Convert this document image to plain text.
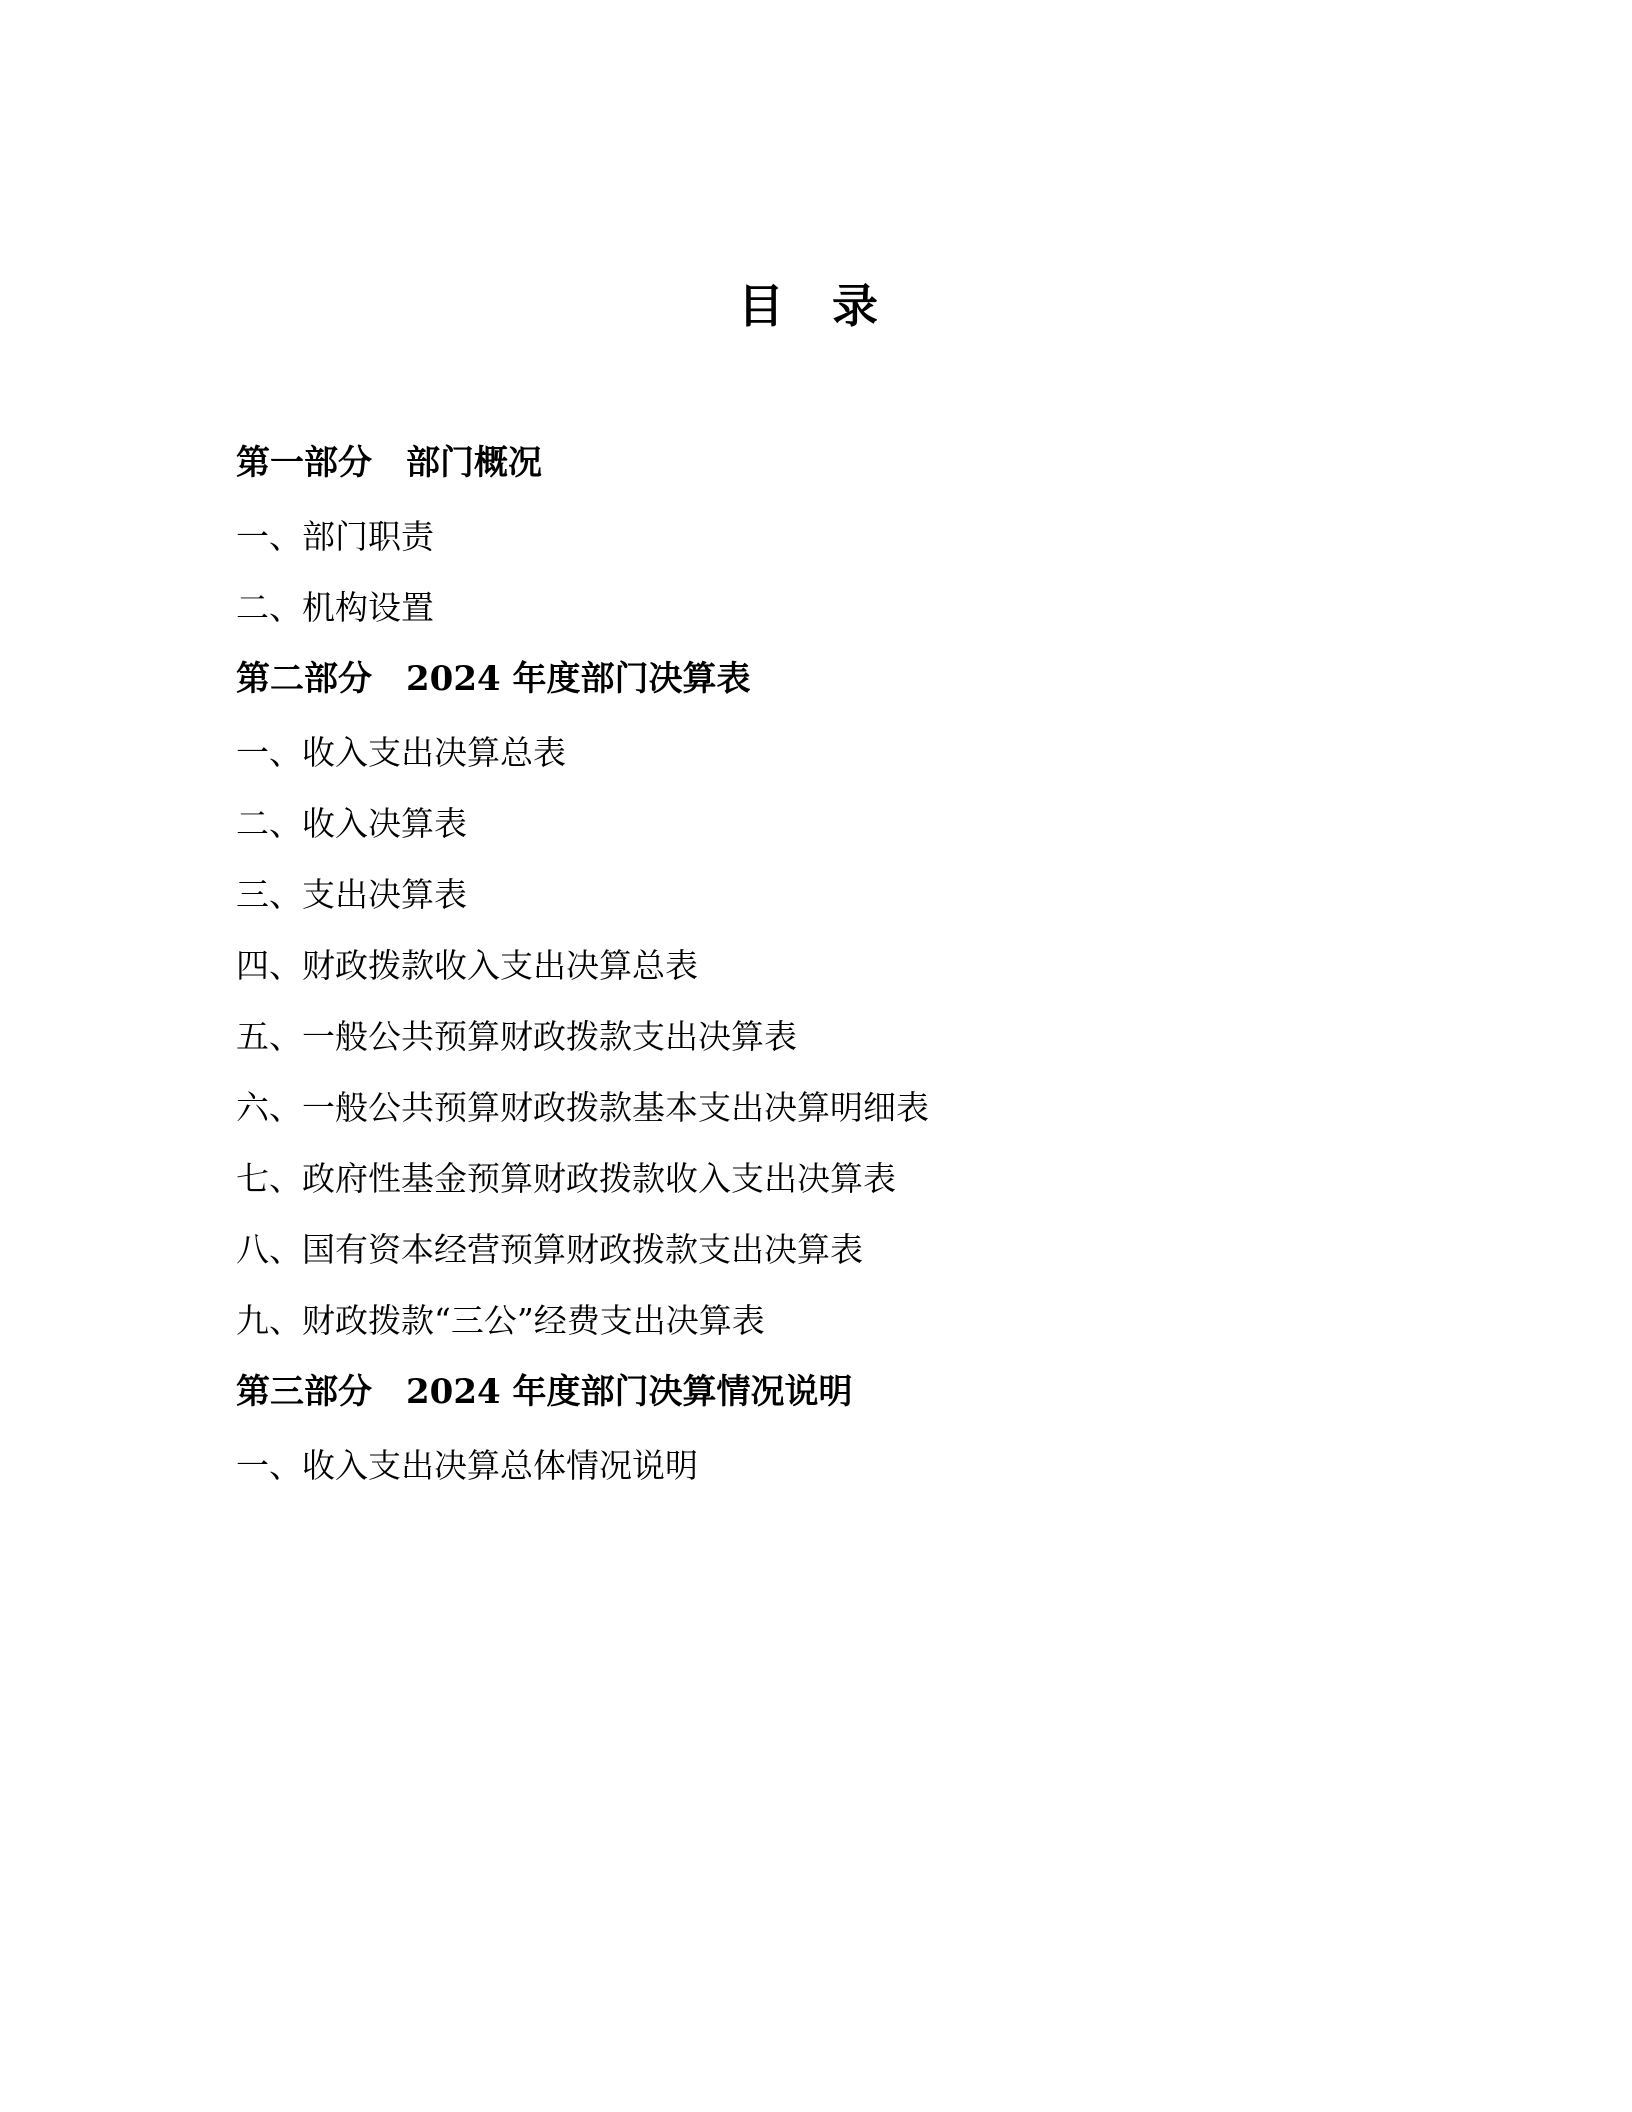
目 录
第一部分　部门概况
一、部门职责
二、机构设置
第二部分　2024 年度部门决算表
一、收入支出决算总表
二、收入决算表
三、支出决算表
四、财政拨款收入支出决算总表
五、一般公共预算财政拨款支出决算表
六、一般公共预算财政拨款基本支出决算明细表
七、政府性基金预算财政拨款收入支出决算表
八、国有资本经营预算财政拨款支出决算表
九、财政拨款“三公”经费支出决算表
第三部分　2024 年度部门决算情况说明
一、收入支出决算总体情况说明
